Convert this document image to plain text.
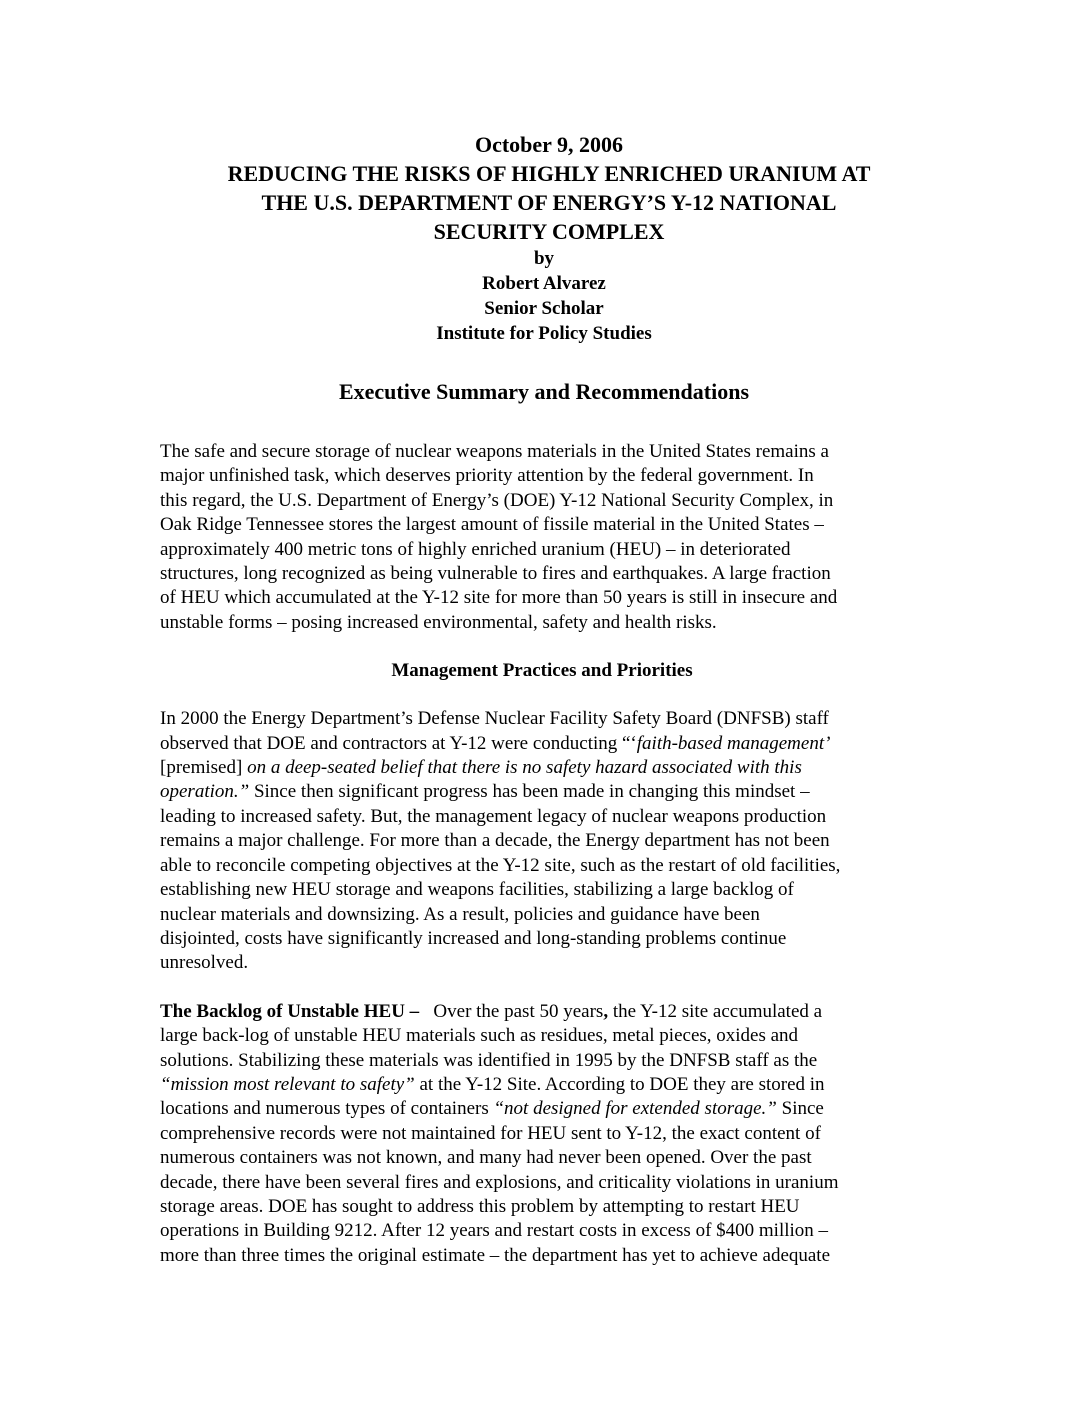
October 9, 2006
REDUCING THE RISKS OF HIGHLY ENRICHED URANIUM AT
THE U.S. DEPARTMENT OF ENERGY’S Y-12 NATIONAL
SECURITY COMPLEX
by
Robert Alvarez
Senior Scholar
Institute for Policy Studies
Executive Summary and Recommendations

The safe and secure storage of nuclear weapons materials in the United States remains a
major unfinished task, which deserves priority attention by the federal government. In
this regard, the U.S. Department of Energy’s (DOE) Y-12 National Security Complex, in
Oak Ridge Tennessee stores the largest amount of fissile material in the United States –
approximately 400 metric tons of highly enriched uranium (HEU) – in deteriorated
structures, long recognized as being vulnerable to fires and earthquakes. A large fraction
of HEU which accumulated at the Y-12 site for more than 50 years is still in insecure and
unstable forms – posing increased environmental, safety and health risks.

Management Practices and Priorities

In 2000 the Energy Department’s Defense Nuclear Facility Safety Board (DNFSB) staff
observed that DOE and contractors at Y-12 were conducting “‘faith-based management’
[premised] on a deep-seated belief that there is no safety hazard associated with this
operation.” Since then significant progress has been made in changing this mindset –
leading to increased safety. But, the management legacy of nuclear weapons production
remains a major challenge. For more than a decade, the Energy department has not been
able to reconcile competing objectives at the Y-12 site, such as the restart of old facilities,
establishing new HEU storage and weapons facilities, stabilizing a large backlog of
nuclear materials and downsizing. As a result, policies and guidance have been
disjointed, costs have significantly increased and long-standing problems continue
unresolved.

The Backlog of Unstable HEU –   Over the past 50 years, the Y-12 site accumulated a
large back-log of unstable HEU materials such as residues, metal pieces, oxides and
solutions. Stabilizing these materials was identified in 1995 by the DNFSB staff as the
“mission most relevant to safety” at the Y-12 Site. According to DOE they are stored in
locations and numerous types of containers “not designed for extended storage.” Since
comprehensive records were not maintained for HEU sent to Y-12, the exact content of
numerous containers was not known, and many had never been opened. Over the past
decade, there have been several fires and explosions, and criticality violations in uranium
storage areas. DOE has sought to address this problem by attempting to restart HEU
operations in Building 9212. After 12 years and restart costs in excess of $400 million –
more than three times the original estimate – the department has yet to achieve adequate
